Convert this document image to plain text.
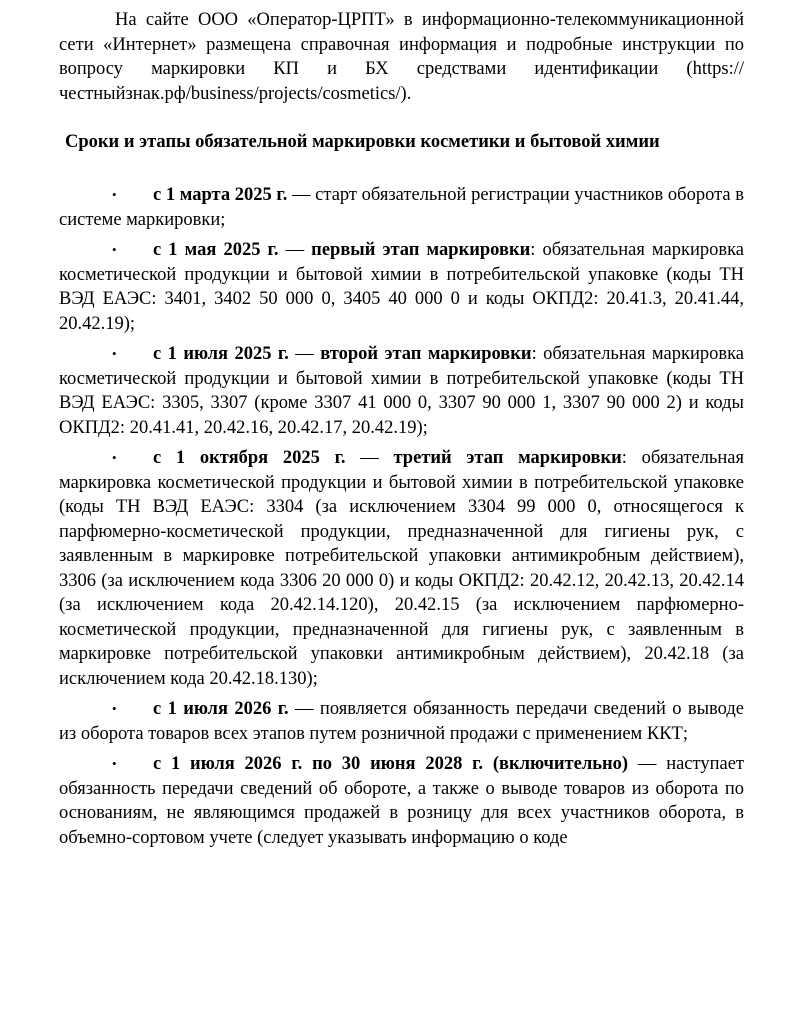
На сайте ООО «Оператор-ЦРПТ» в информационно-телекоммуникационной сети «Интернет» размещена справочная информация и подробные инструкции по вопросу маркировки КП и БХ средствами идентификации (https://честныйзнак.рф/business/projects/cosmetics/).

Сроки и этапы обязательной маркировки косметики и бытовой химии

• с 1 марта 2025 г. — старт обязательной регистрации участников оборота в системе маркировки;

• с 1 мая 2025 г. — первый этап маркировки: обязательная маркировка косметической продукции и бытовой химии в потребительской упаковке (коды ТН ВЭД ЕАЭС: 3401, 3402 50 000 0, 3405 40 000 0 и коды ОКПД2: 20.41.3, 20.41.44, 20.42.19);

• с 1 июля 2025 г. — второй этап маркировки: обязательная маркировка косметической продукции и бытовой химии в потребительской упаковке (коды ТН ВЭД ЕАЭС: 3305, 3307 (кроме 3307 41 000 0, 3307 90 000 1, 3307 90 000 2) и коды ОКПД2: 20.41.41, 20.42.16, 20.42.17, 20.42.19);

• с 1 октября 2025 г. — третий этап маркировки: обязательная маркировка косметической продукции и бытовой химии в потребительской упаковке (коды ТН ВЭД ЕАЭС: 3304 (за исключением 3304 99 000 0, относящегося к парфюмерно-косметической продукции, предназначенной для гигиены рук, с заявленным в маркировке потребительской упаковки антимикробным действием), 3306 (за исключением кода 3306 20 000 0) и коды ОКПД2: 20.42.12, 20.42.13, 20.42.14 (за исключением кода 20.42.14.120), 20.42.15 (за исключением парфюмерно-косметической продукции, предназначенной для гигиены рук, с заявленным в маркировке потребительской упаковки антимикробным действием), 20.42.18 (за исключением кода 20.42.18.130);

• с 1 июля 2026 г. — появляется обязанность передачи сведений о выводе из оборота товаров всех этапов путем розничной продажи с применением ККТ;

• с 1 июля 2026 г. по 30 июня 2028 г. (включительно) — наступает обязанность передачи сведений об обороте, а также о выводе товаров из оборота по основаниям, не являющимся продажей в розницу для всех участников оборота, в объемно-сортовом учете (следует указывать информацию о коде
